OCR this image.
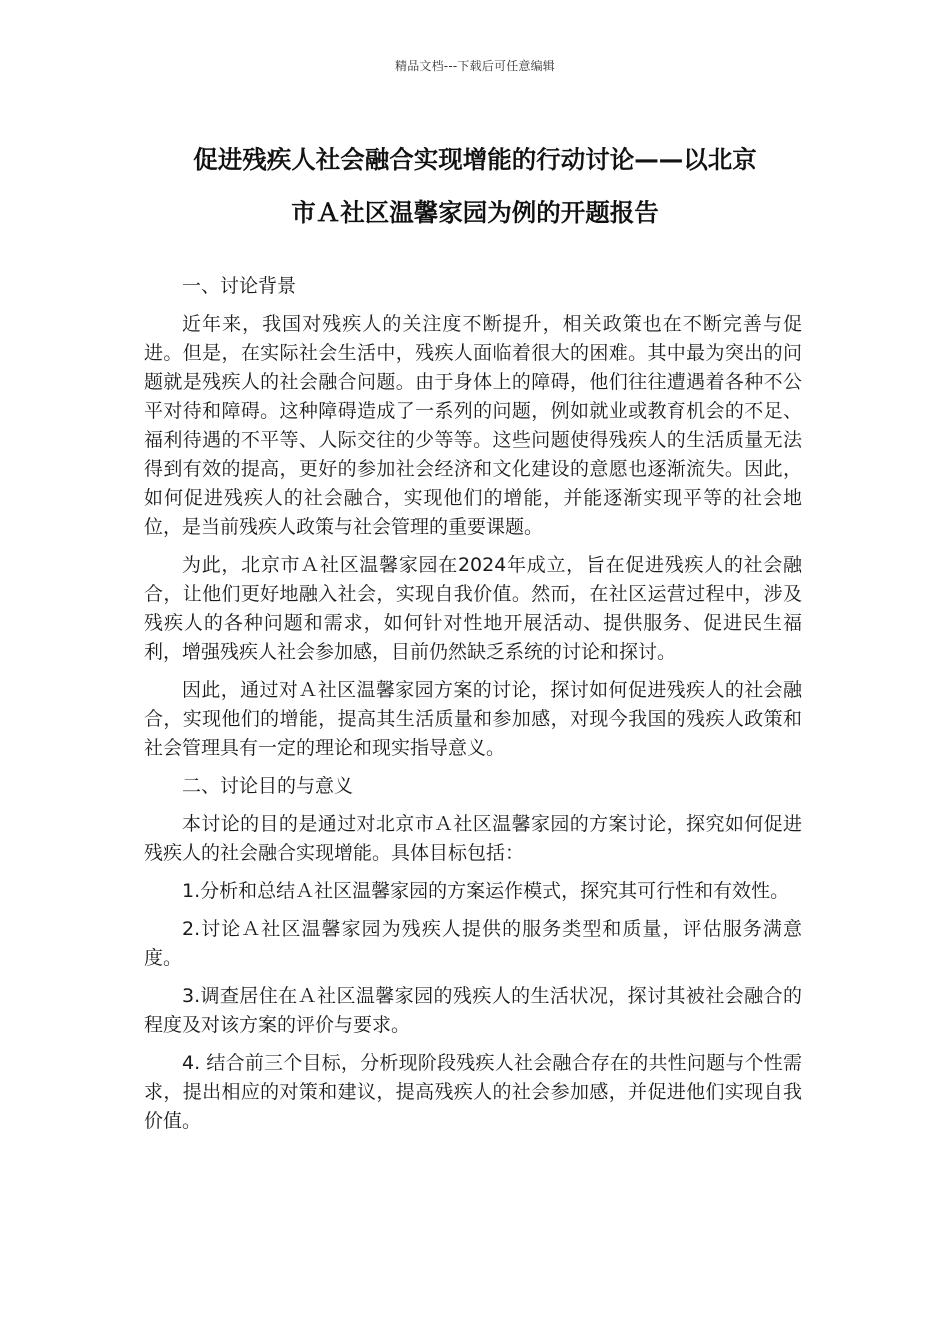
精品文档---下载后可任意编辑
促进残疾人社会融合实现增能的行动讨论——以北京
市Ａ社区温馨家园为例的开题报告

一、讨论背景

近年来，我国对残疾人的关注度不断提升，相关政策也在不断完善与促进。但是，在实际社会生活中，残疾人面临着很大的困难。其中最为突出的问题就是残疾人的社会融合问题。由于身体上的障碍，他们往往遭遇着各种不公平对待和障碍。这种障碍造成了一系列的问题，例如就业或教育机会的不足、福利待遇的不平等、人际交往的少等等。这些问题使得残疾人的生活质量无法得到有效的提高，更好的参加社会经济和文化建设的意愿也逐渐流失。因此，如何促进残疾人的社会融合，实现他们的增能，并能逐渐实现平等的社会地位，是当前残疾人政策与社会管理的重要课题。

为此，北京市Ａ社区温馨家园在2024年成立，旨在促进残疾人的社会融合，让他们更好地融入社会，实现自我价值。然而，在社区运营过程中，涉及残疾人的各种问题和需求，如何针对性地开展活动、提供服务、促进民生福利，增强残疾人社会参加感，目前仍然缺乏系统的讨论和探讨。

因此，通过对Ａ社区温馨家园方案的讨论，探讨如何促进残疾人的社会融合，实现他们的增能，提高其生活质量和参加感，对现今我国的残疾人政策和社会管理具有一定的理论和现实指导意义。

二、讨论目的与意义

本讨论的目的是通过对北京市Ａ社区温馨家园的方案讨论，探究如何促进残疾人的社会融合实现增能。具体目标包括：

1.分析和总结Ａ社区温馨家园的方案运作模式，探究其可行性和有效性。

2.讨论Ａ社区温馨家园为残疾人提供的服务类型和质量，评估服务满意度。

3.调查居住在Ａ社区温馨家园的残疾人的生活状况，探讨其被社会融合的程度及对该方案的评价与要求。

4. 结合前三个目标，分析现阶段残疾人社会融合存在的共性问题与个性需求，提出相应的对策和建议，提高残疾人的社会参加感，并促进他们实现自我价值。
